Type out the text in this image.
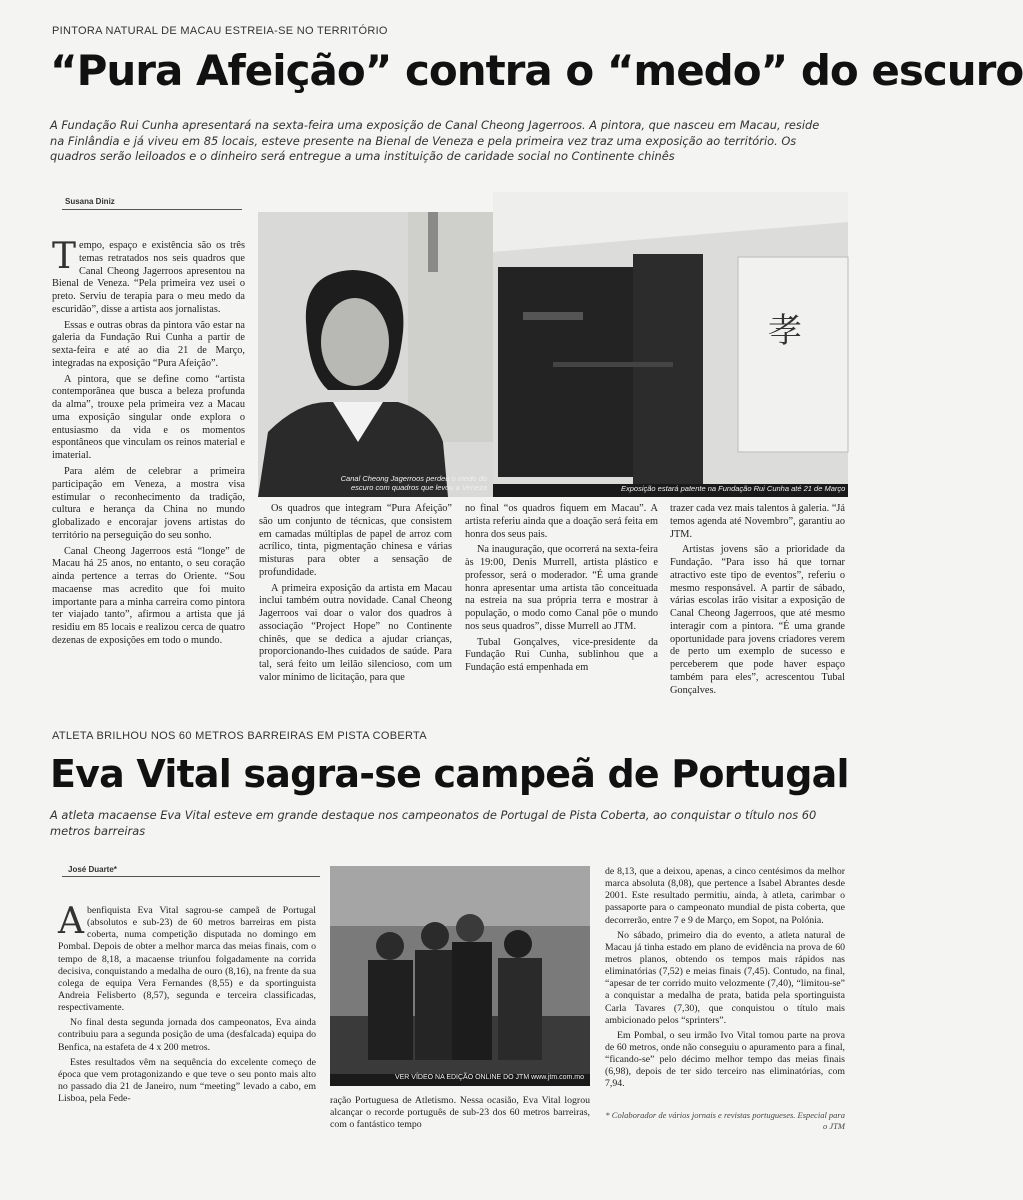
PINTORA NATURAL DE MACAU ESTREIA-SE NO TERRITÓRIO
“Pura Afeição” contra o “medo” do escuro
A Fundação Rui Cunha apresentará na sexta-feira uma exposição de Canal Cheong Jagerroos. A pintora, que nasceu em Macau, reside na Finlândia e já viveu em 85 locais, esteve presente na Bienal de Veneza e pela primeira vez traz uma exposição ao território. Os quadros serão leiloados e o dinheiro será entregue a uma instituição de caridade social no Continente chinês
Susana Diniz
T empo, espaço e existência são os três temas retratados nos seis quadros que Canal Cheong Jagerroos apresentou na Bienal de Veneza. “Pela primeira vez usei o preto. Serviu de terapia para o meu medo da escuridão”, disse a artista aos jornalistas.

Essas e outras obras da pintora vão estar na galeria da Fundação Rui Cunha a partir de sexta-feira e até ao dia 21 de Março, integradas na exposição “Pura Afeição”.

A pintora, que se define como “artista contemporânea que busca a beleza profunda da alma”, trouxe pela primeira vez a Macau uma exposição singular onde explora o entusiasmo da vida e os momentos espontâneos que vinculam os reinos material e imaterial.

Para além de celebrar a primeira participação em Veneza, a mostra visa estimular o reconhecimento da tradição, cultura e herança da China no mundo globalizado e encorajar jovens artistas do território na perseguição do seu sonho.

Canal Cheong Jagerroos está “longe” de Macau há 25 anos, no entanto, o seu coração ainda pertence a terras do Oriente. “Sou macaense mas acredito que foi muito importante para a minha carreira como pintora ter viajado tanto”, afirmou a artista que já residiu em 85 locais e realizou cerca de quatro dezenas de exposições em todo o mundo.

Canal Cheong Jagerroos perdeu o medo do escuro com quadros que levou a Veneza
孝
Exposição estará patente na Fundação Rui Cunha até 21 de Março

Os quadros que integram “Pura Afeição” são um conjunto de técnicas, que consistem em camadas múltiplas de papel de arroz com acrílico, tinta, pigmentação chinesa e várias misturas para obter a sensação de profundidade.

A primeira exposição da artista em Macau inclui também outra novidade. Canal Cheong Jagerroos vai doar o valor dos quadros à associação “Project Hope” no Continente chinês, que se dedica a ajudar crianças, proporcionando-lhes cuidados de saúde. Para tal, será feito um leilão silencioso, com um valor mínimo de licitação, para que

no final “os quadros fiquem em Macau”. A artista referiu ainda que a doação será feita em honra dos seus pais.

Na inauguração, que ocorrerá na sexta-feira às 19:00, Denis Murrell, artista plástico e professor, será o moderador. “É uma grande honra apresentar uma artista tão conceituada na estreia na sua própria terra e mostrar à população, o modo como Canal põe o mundo nos seus quadros”, disse Murrell ao JTM.

Tubal Gonçalves, vice-presidente da Fundação Rui Cunha, sublinhou que a Fundação está empenhada em

trazer cada vez mais talentos à galeria. “Já temos agenda até Novembro”, garantiu ao JTM.

Artistas jovens são a prioridade da Fundação. “Para isso há que tornar atractivo este tipo de eventos”, referiu o mesmo responsável. A partir de sábado, várias escolas irão visitar a exposição de Canal Cheong Jagerroos, que até mesmo interagir com a pintora. “É uma grande oportunidade para jovens criadores verem de perto um exemplo de sucesso e perceberem que pode haver espaço também para eles”, acrescentou Tubal Gonçalves.

ATLETA BRILHOU NOS 60 METROS BARREIRAS EM PISTA COBERTA
Eva Vital sagra-se campeã de Portugal
A atleta macaense Eva Vital esteve em grande destaque nos campeonatos de Portugal de Pista Coberta, ao conquistar o título nos 60 metros barreiras
José Duarte*
A benfiquista Eva Vital sagrou-se campeã de Portugal (absolutos e sub-23) de 60 metros barreiras em pista coberta, numa competição disputada no domingo em Pombal. Depois de obter a melhor marca das meias finais, com o tempo de 8,18, a macaense triunfou folgadamente na corrida decisiva, conquistando a medalha de ouro (8,16), na frente da sua colega de equipa Vera Fernandes (8,55) e da sportinguista Andreia Felisberto (8,57), segunda e terceira classificadas, respectivamente.

No final desta segunda jornada dos campeonatos, Eva ainda contribuiu para a segunda posição de uma (desfalcada) equipa do Benfica, na estafeta de 4 x 200 metros.

Estes resultados vêm na sequência do excelente começo de época que vem protagonizando e que teve o seu ponto mais alto no passado dia 21 de Janeiro, num “meeting” levado a cabo, em Lisboa, pela Fede-

VER VÍDEO NA EDIÇÃO ONLINE DO JTM www.jtm.com.mo

ração Portuguesa de Atletismo. Nessa ocasião, Eva Vital logrou alcançar o recorde português de sub-23 dos 60 metros barreiras, com o fantástico tempo

de 8,13, que a deixou, apenas, a cinco centésimos da melhor marca absoluta (8,08), que pertence a Isabel Abrantes desde 2001. Este resultado permitiu, ainda, à atleta, carimbar o passaporte para o campeonato mundial de pista coberta, que decorrerão, entre 7 e 9 de Março, em Sopot, na Polónia.

No sábado, primeiro dia do evento, a atleta natural de Macau já tinha estado em plano de evidência na prova de 60 metros planos, obtendo os tempos mais rápidos nas eliminatórias (7,52) e meias finais (7,45). Contudo, na final, “apesar de ter corrido muito velozmente (7,40), “limitou-se” a conquistar a medalha de prata, batida pela sportinguista Carla Tavares (7,30), que conquistou o título mais ambicionado pelos “sprinters”.

Em Pombal, o seu irmão Ivo Vital tomou parte na prova de 60 metros, onde não conseguiu o apuramento para a final, “ficando-se” pelo décimo melhor tempo das meias finais (6,98), depois de ter sido terceiro nas eliminatórias, com 7,94.

* Colaborador de vários jornais e revistas portugueses. Especial para o JTM
